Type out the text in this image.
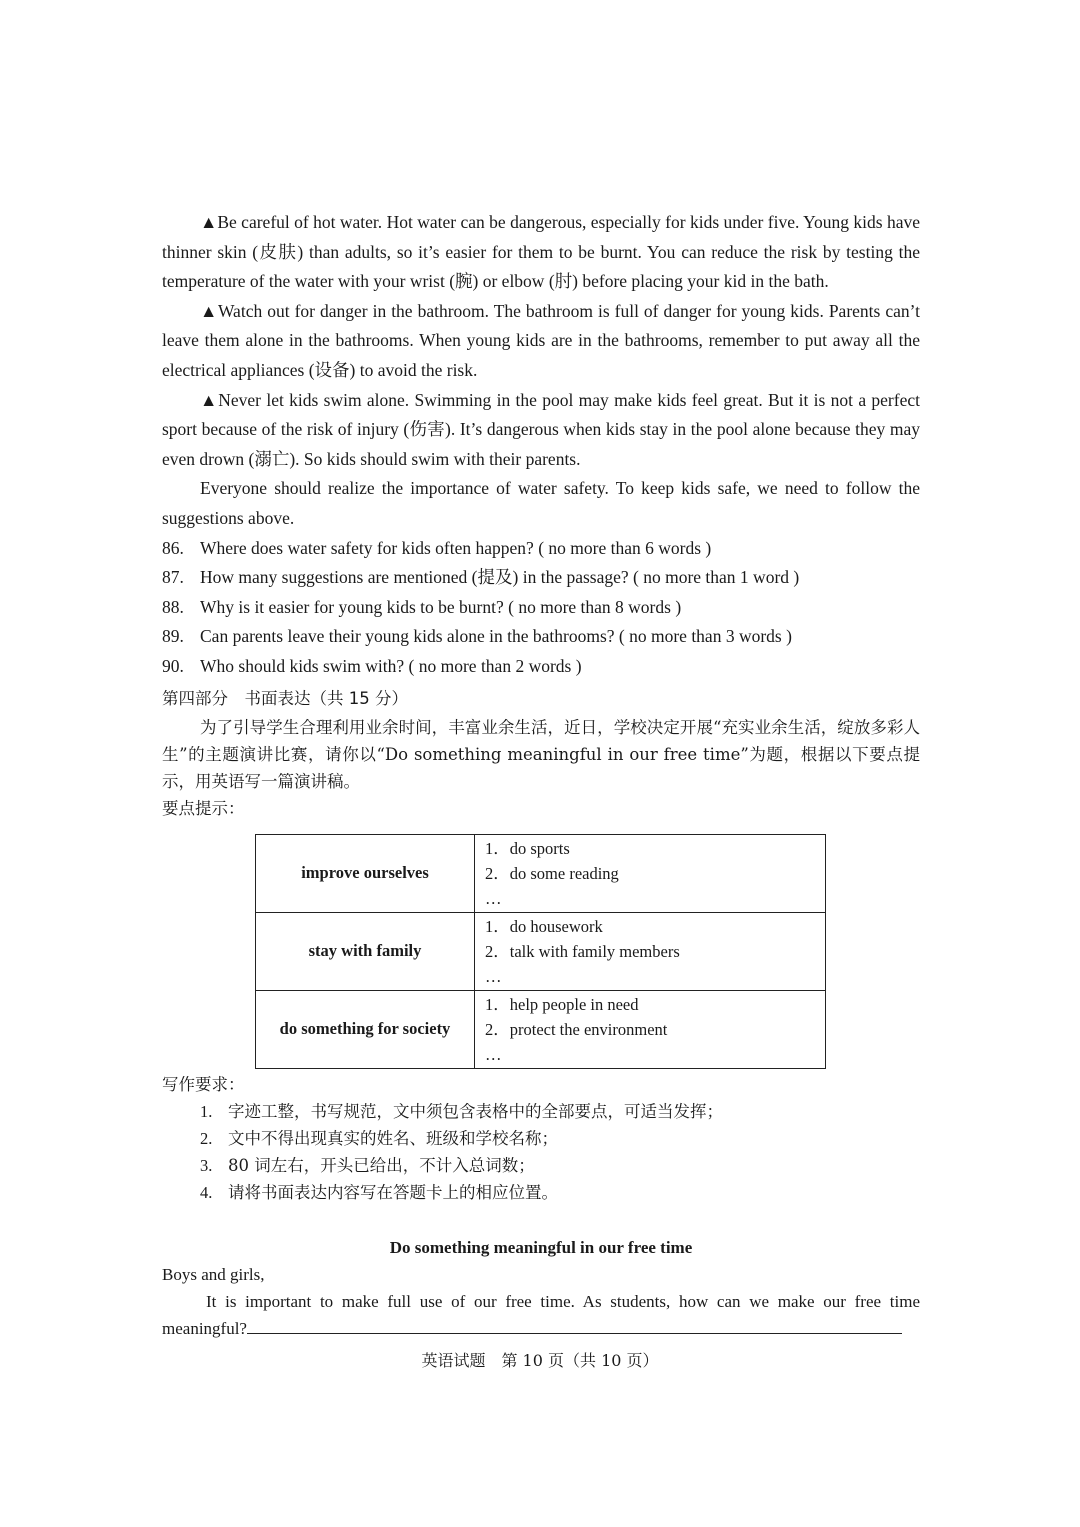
▲Be careful of hot water. Hot water can be dangerous, especially for kids under five. Young kids have thinner skin (皮肤) than adults, so it’s easier for them to be burnt. You can reduce the risk by testing the temperature of the water with your wrist (腕) or elbow (肘) before placing your kid in the bath.

▲Watch out for danger in the bathroom. The bathroom is full of danger for young kids. Parents can’t leave them alone in the bathrooms. When young kids are in the bathrooms, remember to put away all the electrical appliances (设备) to avoid the risk.

▲Never let kids swim alone. Swimming in the pool may make kids feel great. But it is not a perfect sport because of the risk of injury (伤害). It’s dangerous when kids stay in the pool alone because they may even drown (溺亡). So kids should swim with their parents.

Everyone should realize the importance of water safety. To keep kids safe, we need to follow the suggestions above.

86. Where does water safety for kids often happen? ( no more than 6 words )
87. How many suggestions are mentioned (提及) in the passage? ( no more than 1 word )
88. Why is it easier for young kids to be burnt? ( no more than 8 words )
89. Can parents leave their young kids alone in the bathrooms? ( no more than 3 words )
90. Who should kids swim with? ( no more than 2 words )
第四部分　书面表达（共 15 分）

为了引导学生合理利用业余时间，丰富业余生活，近日，学校决定开展“充实业余生活，绽放多彩人生”的主题演讲比赛，请你以“Do something meaningful in our free time”为题，根据以下要点提示，用英语写一篇演讲稿。

要点提示：
improve ourselves	1．do sports
2．do some reading
…

stay with family	1．do housework
2．talk with family members
…

do something for society	1．help people in need
2．protect the environment
…
写作要求：
1. 字迹工整，书写规范，文中须包含表格中的全部要点，可适当发挥；
2. 文中不得出现真实的姓名、班级和学校名称；
3. 80 词左右，开头已给出，不计入总词数；
4. 请将书面表达内容写在答题卡上的相应位置。
Do something meaningful in our free time
Boys and girls,
It is important to make full use of our free time. As students, how can we make our free time meaningful?
英语试题　第 10 页（共 10 页）
